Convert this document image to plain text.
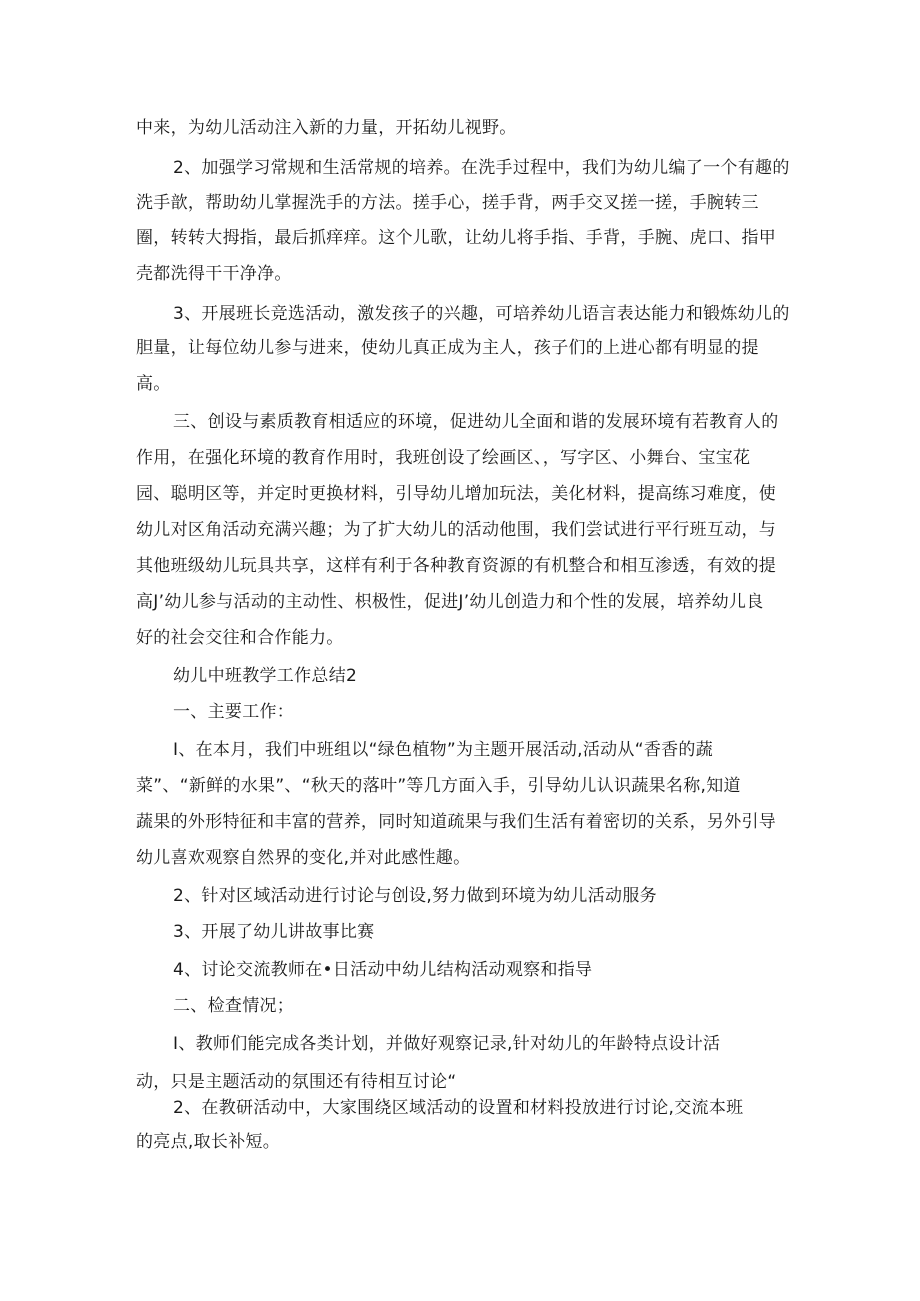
中来，为幼儿活动注入新的力量，开拓幼儿视野。
2、加强学习常规和生活常规的培养。在洗手过程中，我们为幼儿编了一个有趣的
洗手歆，帮助幼儿掌握洗手的方法。搓手心，搓手背，两手交叉搓一搓，手腕转三
圈，转转大拇指，最后抓痒痒。这个儿歌，让幼儿将手指、手背，手腕、虎口、指甲
壳都洗得干干净净。
3、开展班长竞选活动，激发孩子的兴趣，可培养幼儿语言表达能力和锻炼幼儿的
胆量，让每位幼儿参与进来，使幼儿真正成为主人，孩子们的上进心都有明显的提
高。
三、创设与素质教育相适应的环境，促进幼儿全面和谐的发展环境有若教育人的
作用，在强化环境的教育作用时，我班创设了绘画区、，写字区、小舞台、宝宝花
园、聪明区等，并定时更换材料，引导幼儿增加玩法，美化材料，提高练习难度，使
幼儿对区角活动充满兴趣；为了扩大幼儿的活动他围，我们尝试进行平行班互动，与
其他班级幼儿玩具共享，这样有利于各种教育资源的有机整合和相互渗透，有效的提
高J’幼儿参与活动的主动性、枳极性，促进J’幼儿创造力和个性的发展，培养幼儿良
好的社会交往和合作能力。
幼儿中班教学工作总结2
一、主要工作：
I、在本月，我们中班组以“绿色植物”为主题开展活动,活动从“香香的蔬
菜”、“新鲜的水果”、“秋天的落叶”等几方面入手，引导幼儿认识蔬果名称,知道
蔬果的外形特征和丰富的营养，同时知道疏果与我们生活有着密切的关系，另外引导
幼儿喜欢观察自然界的变化,并对此感性趣。
2、针对区域活动进行讨论与创设,努力做到环境为幼儿活动服务
3、开展了幼儿讲故事比赛
4、讨论交流教师在•日活动中幼儿结构活动观察和指导
二、检查情况；
I、教师们能完成各类计划，并做好观察记录,针对幼儿的年龄特点设计活
动，只是主题活动的氛围还有待相互讨论“
2、在教研活动中，大家围绕区域活动的设置和材料投放进行讨论,交流本班
的亮点,取长补短。
